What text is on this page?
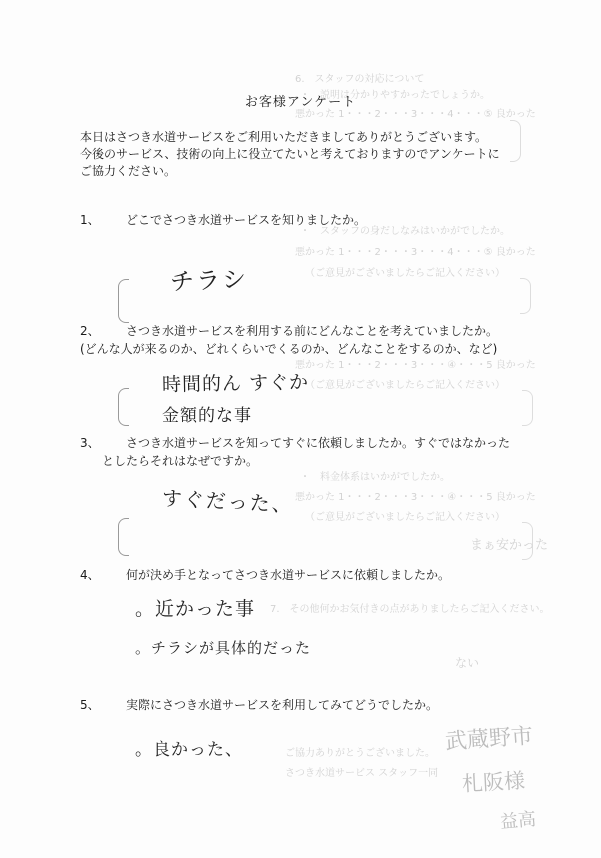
6.　スタッフの対応について
・　説明は分かりやすかったでしょうか。
悪かった 1・・・2・・・3・・・4・・・⑤ 良かった
・　スタッフの身だしなみはいかがでしたか。
悪かった 1・・・2・・・3・・・4・・・⑤ 良かった
（ご意見がございましたらご記入ください）
悪かった 1・・・2・・・3・・・④・・・5 良かった
（ご意見がございましたらご記入ください）
・　料金体系はいかがでしたか。
悪かった 1・・・2・・・3・・・④・・・5 良かった
（ご意見がございましたらご記入ください）
まぁ安かった
7.　その他何かお気付きの点がありましたらご記入ください。
ない
ご協力ありがとうございました。
さつき水道サービス スタッフ一同
お客様アンケート
本日はさつき水道サービスをご利用いただきましてありがとうございます。
今後のサービス、技術の向上に役立てたいと考えておりますのでアンケートに
ご協力ください。
1、 どこでさつき水道サービスを知りましたか。
チラシ
2、 さつき水道サービスを利用する前にどんなことを考えていましたか。
(どんな人が来るのか、どれくらいでくるのか、どんなことをするのか、など)
時間的ん すぐか
金額的な事
3、 さつき水道サービスを知ってすぐに依頼しましたか。すぐではなかった
としたらそれはなぜですか。
すぐだった、
4、 何が決め手となってさつき水道サービスに依頼しましたか。
。近かった事
。チラシが具体的だった
5、 実際にさつき水道サービスを利用してみてどうでしたか。
。良かった、	武蔵野市
札阪様
益高
